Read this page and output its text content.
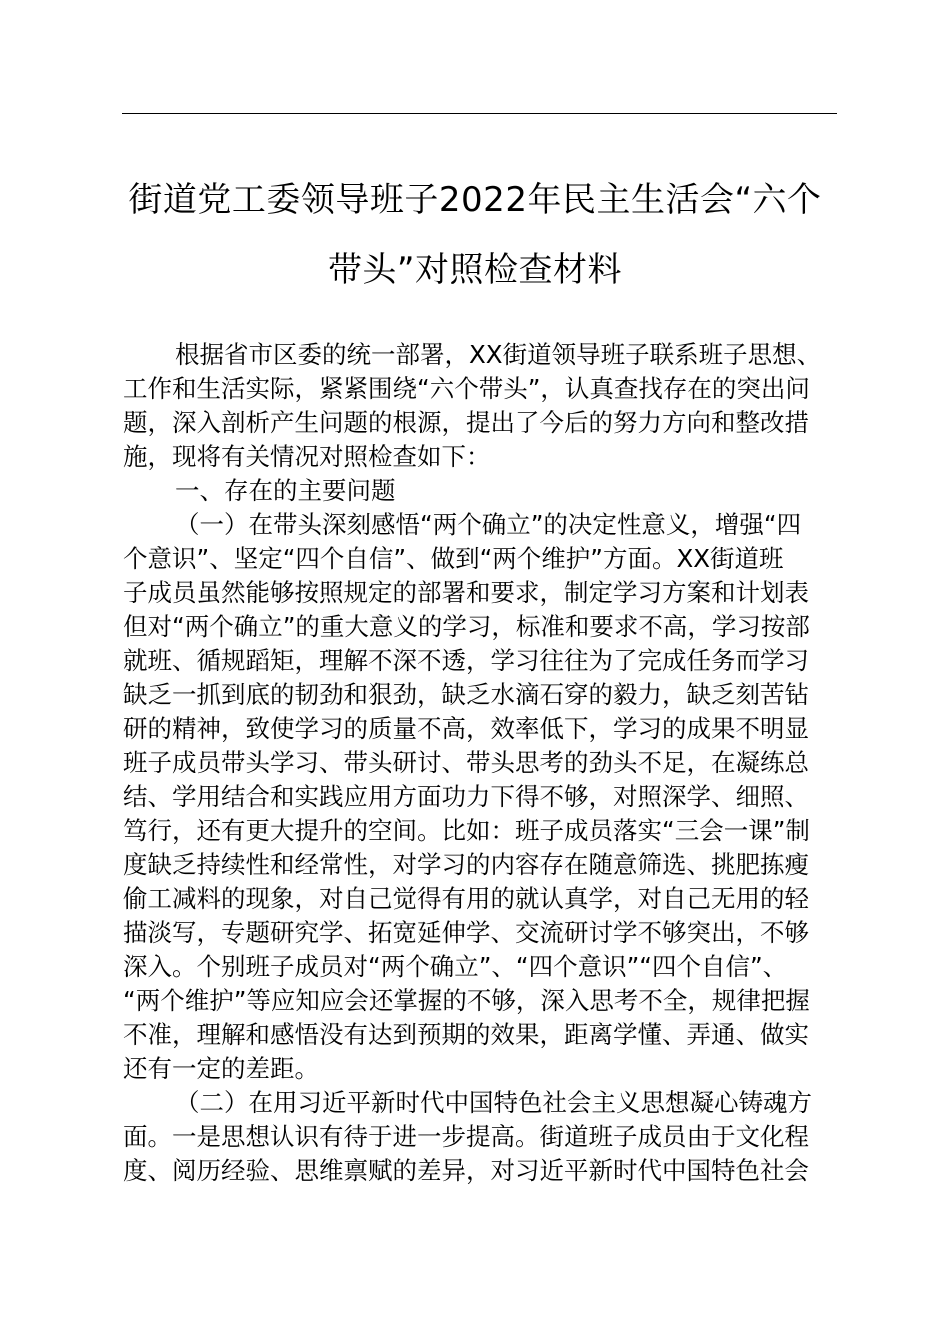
街道党工委领导班子2022年民主生活会“六个
带头”对照检查材料
根据省市区委的统一部署，XX街道领导班子联系班子思想、
工作和生活实际，紧紧围绕“六个带头”，认真查找存在的突出问
题，深入剖析产生问题的根源，提出了今后的努力方向和整改措
施，现将有关情况对照检查如下：
一、存在的主要问题
（一）在带头深刻感悟“两个确立”的决定性意义，增强“四
个意识”、坚定“四个自信”、做到“两个维护”方面。XX街道班
子成员虽然能够按照规定的部署和要求，制定学习方案和计划表
但对“两个确立”的重大意义的学习，标准和要求不高，学习按部
就班、循规蹈矩，理解不深不透，学习往往为了完成任务而学习
缺乏一抓到底的韧劲和狠劲，缺乏水滴石穿的毅力，缺乏刻苦钻
研的精神，致使学习的质量不高，效率低下，学习的成果不明显
班子成员带头学习、带头研讨、带头思考的劲头不足，在凝练总
结、学用结合和实践应用方面功力下得不够，对照深学、细照、
笃行，还有更大提升的空间。比如：班子成员落实“三会一课”制
度缺乏持续性和经常性，对学习的内容存在随意筛选、挑肥拣瘦
偷工减料的现象，对自己觉得有用的就认真学，对自己无用的轻
描淡写，专题研究学、拓宽延伸学、交流研讨学不够突出，不够
深入。个别班子成员对“两个确立”、“四个意识”“四个自信”、
“两个维护”等应知应会还掌握的不够，深入思考不全，规律把握
不准，理解和感悟没有达到预期的效果，距离学懂、弄通、做实
还有一定的差距。
（二）在用习近平新时代中国特色社会主义思想凝心铸魂方
面。一是思想认识有待于进一步提高。街道班子成员由于文化程
度、阅历经验、思维禀赋的差异，对习近平新时代中国特色社会
